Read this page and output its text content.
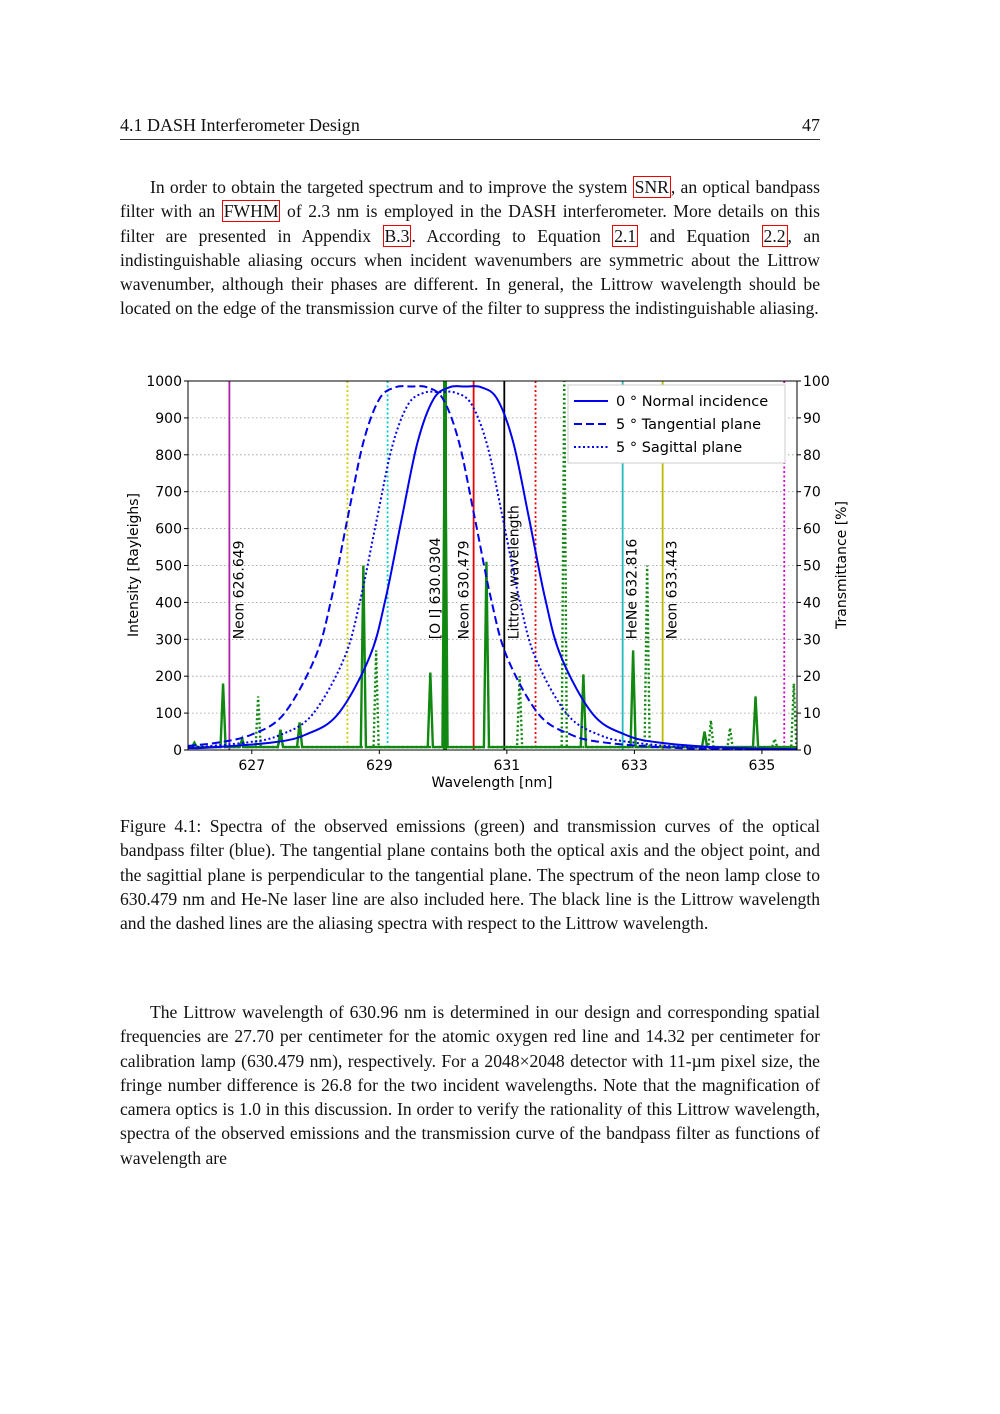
4.1 DASH Interferometer Design	47
In order to obtain the targeted spectrum and to improve the system SNR , an optical bandpass filter with an FWHM of 2.3 nm is employed in the DASH interferometer. More details on this filter are presented in Appendix B.3 . According to Equation 2.1 and Equation 2.2 , an indistinguishable aliasing occurs when incident wavenumbers are symmetric about the Littrow wavenumber, although their phases are different. In general, the Littrow wavelength should be located on the edge of the transmission curve of the filter to suppress the indistinguishable aliasing.
0
100
200
300
400
500
600
700
800
900
1000
0
10
20
30
40
50
60
70
80
90
100
627	629	631	633	635
Neon 626.649	[O I] 630.0304 Neon 630.479 Littrow wavelength	HeNe 632.816 Neon 633.443
0 ° Normal incidence
5 ° Tangential plane
5 ° Sagittal plane
Wavelength [nm]
Intensity [Rayleighs]	Transmittance [%]
Figure 4.1: Spectra of the observed emissions (green) and transmission curves of the optical bandpass filter (blue). The tangential plane contains both the optical axis and the object point, and the sagittial plane is perpendicular to the tangential plane. The spectrum of the neon lamp close to 630.479 nm and He-Ne laser line are also included here. The black line is the Littrow wavelength and the dashed lines are the aliasing spectra with respect to the Littrow wavelength.
The Littrow wavelength of 630.96 nm is determined in our design and corresponding spatial frequencies are 27.70 per centimeter for the atomic oxygen red line and 14.32 per centimeter for calibration lamp (630.479 nm), respectively. For a 2048×2048 detector with 11-µm pixel size, the fringe number difference is 26.8 for the two incident wavelengths. Note that the magnification of camera optics is 1.0 in this discussion. In order to verify the rationality of this Littrow wavelength, spectra of the observed emissions and the transmission curve of the bandpass filter as functions of wavelength are
